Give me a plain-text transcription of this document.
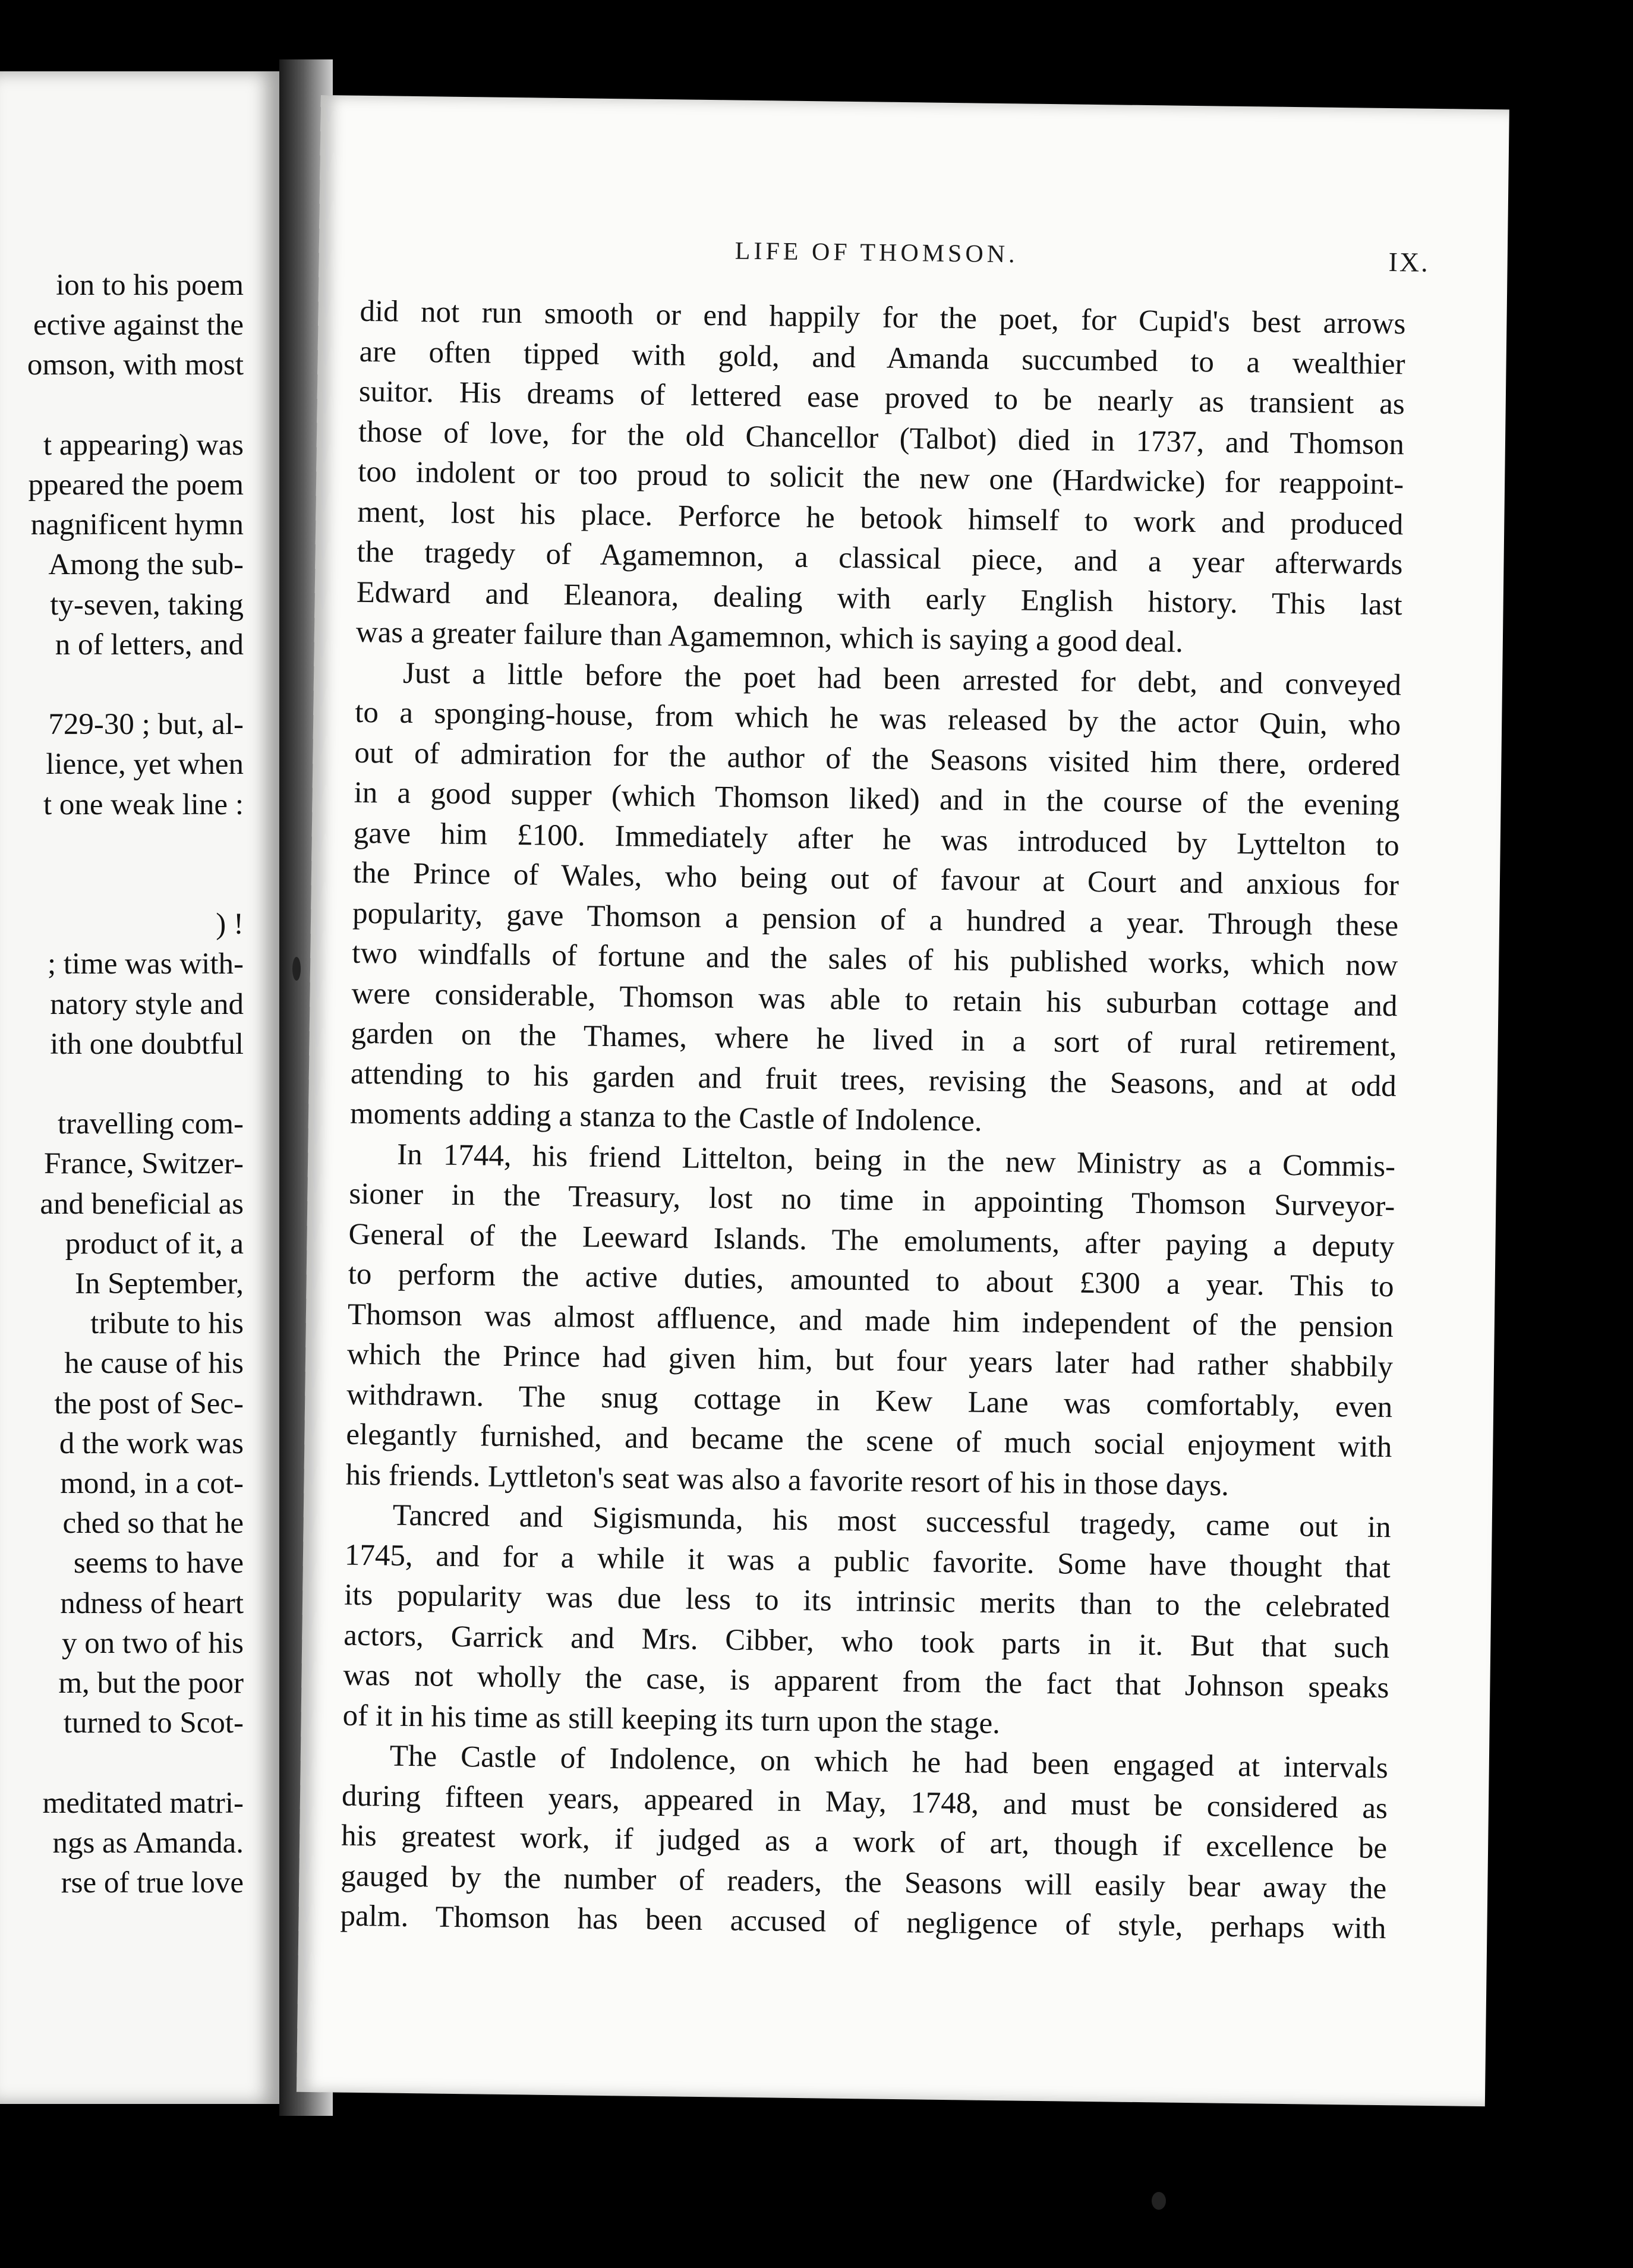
ion to his poem
ective against the
omson, with most
t appearing) was
ppeared the poem
nagnificent hymn
Among the sub-
ty-seven, taking
n of letters, and
729-30 ; but, al-
lience, yet when
t one weak line :
) !
; time was with-
natory style and
ith one doubtful
travelling com-
France, Switzer-
and beneficial as
product of it, a
In September,
tribute to his
he cause of his
the post of Sec-
d the work was
mond, in a cot-
ched so that he
seems to have
ndness of heart
y on two of his
m, but the poor
turned to Scot-
meditated matri-
ngs as Amanda.
rse of true love
LIFE OF THOMSON.	IX.
did not run smooth or end happily for the poet, for Cupid's best arrows
are often tipped with gold, and Amanda succumbed to a wealthier
suitor. His dreams of lettered ease proved to be nearly as transient as
those of love, for the old Chancellor (Talbot) died in 1737, and Thomson
too indolent or too proud to solicit the new one (Hardwicke) for reappoint-
ment, lost his place. Perforce he betook himself to work and produced
the tragedy of Agamemnon, a classical piece, and a year afterwards
Edward and Eleanora, dealing with early English history. This last
was a greater failure than Agamemnon, which is saying a good deal.
Just a little before the poet had been arrested for debt, and conveyed
to a sponging-house, from which he was released by the actor Quin, who
out of admiration for the author of the Seasons visited him there, ordered
in a good supper (which Thomson liked) and in the course of the evening
gave him £100. Immediately after he was introduced by Lyttelton to
the Prince of Wales, who being out of favour at Court and anxious for
popularity, gave Thomson a pension of a hundred a year. Through these
two windfalls of fortune and the sales of his published works, which now
were considerable, Thomson was able to retain his suburban cottage and
garden on the Thames, where he lived in a sort of rural retirement,
attending to his garden and fruit trees, revising the Seasons, and at odd
moments adding a stanza to the Castle of Indolence.
In 1744, his friend Littelton, being in the new Ministry as a Commis-
sioner in the Treasury, lost no time in appointing Thomson Surveyor-
General of the Leeward Islands. The emoluments, after paying a deputy
to perform the active duties, amounted to about £300 a year. This to
Thomson was almost affluence, and made him independent of the pension
which the Prince had given him, but four years later had rather shabbily
withdrawn. The snug cottage in Kew Lane was comfortably, even
elegantly furnished, and became the scene of much social enjoyment with
his friends. Lyttleton's seat was also a favorite resort of his in those days.
Tancred and Sigismunda, his most successful tragedy, came out in
1745, and for a while it was a public favorite. Some have thought that
its popularity was due less to its intrinsic merits than to the celebrated
actors, Garrick and Mrs. Cibber, who took parts in it. But that such
was not wholly the case, is apparent from the fact that Johnson speaks
of it in his time as still keeping its turn upon the stage.
The Castle of Indolence, on which he had been engaged at intervals
during fifteen years, appeared in May, 1748, and must be considered as
his greatest work, if judged as a work of art, though if excellence be
gauged by the number of readers, the Seasons will easily bear away the
palm. Thomson has been accused of negligence of style, perhaps with
